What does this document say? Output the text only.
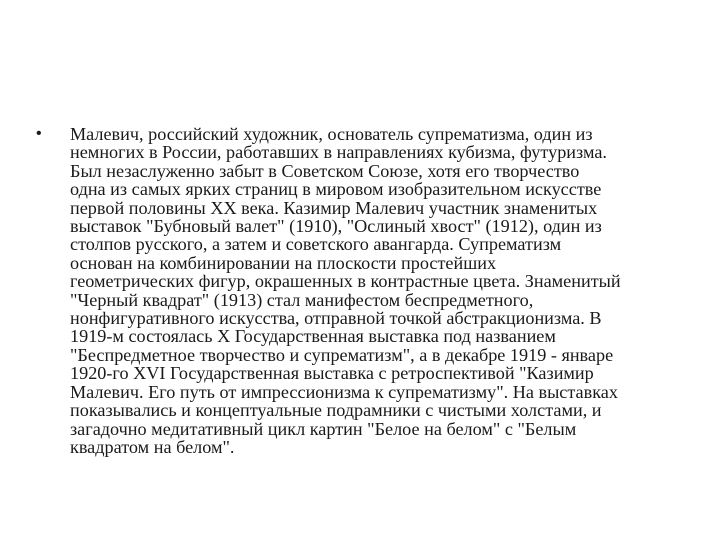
• Малевич, российский художник, основатель супрематизма, один из
немногих в России, работавших в направлениях кубизма, футуризма.
Был незаслуженно забыт в Советском Союзе, хотя его творчество
одна из самых ярких страниц в мировом изобразительном искусстве
первой половины XX века. Казимир Малевич участник знаменитых
выставок "Бубновый валет" (1910), "Ослиный хвост" (1912), один из
столпов русского, а затем и советского авангарда. Супрематизм
основан на комбинировании на плоскости простейших
геометрических фигур, окрашенных в контрастные цвета. Знаменитый
"Черный квадрат" (1913) стал манифестом беспредметного,
нонфигуративного искусства, отправной точкой абстракционизма. В
1919-м состоялась X Государственная выставка под названием
"Беспредметное творчество и супрематизм", а в декабре 1919 - январе
1920-го XVI Государственная выставка с ретроспективой "Казимир
Малевич. Его путь от импрессионизма к супрематизму". На выставках
показывались и концептуальные подрамники с чистыми холстами, и
загадочно медитативный цикл картин "Белое на белом" с "Белым
квадратом на белом".
